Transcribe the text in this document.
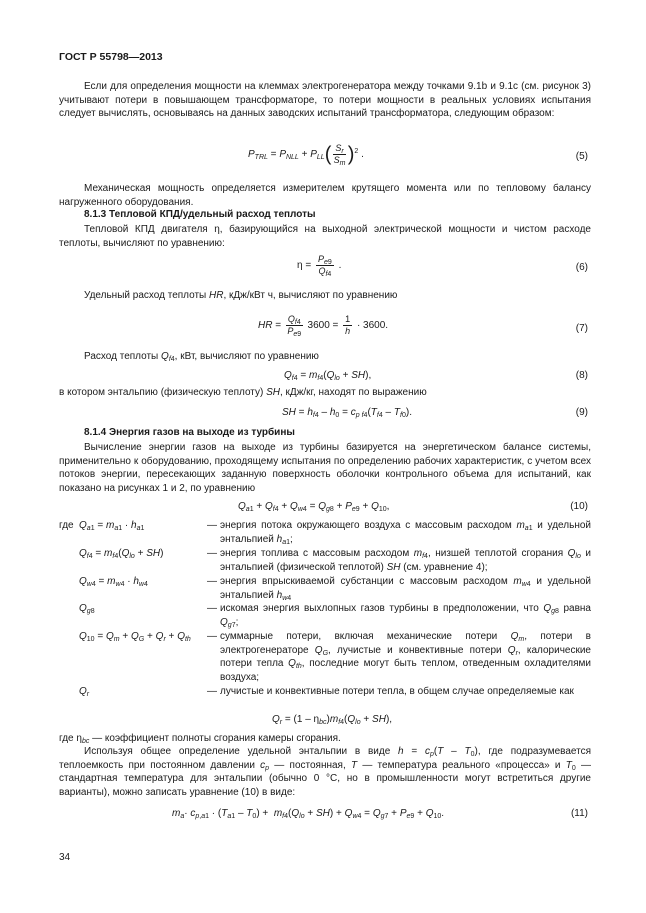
ГОСТ Р 55798—2013

Если для определения мощности на клеммах электрогенератора между точками 9.1b и 9.1c (см. рисунок 3) учитывают потери в повышающем трансформаторе, то потери мощности в реальных условиях испытания следует вычислять, основываясь на данных заводских испытаний трансформатора, следующим образом:

$P_{TRL} = P_{NLL} + P_{LL}( \frac{S_r}{S_m} )^2$ .	(5)

Механическая мощность определяется измерителем крутящего момента или по тепловому балансу нагруженного оборудования.

8.1.3 Тепловой КПД/удельный расход теплоты

Тепловой КПД двигателя η, базирующийся на выходной электрической мощности и чистом расходе теплоты, вычисляют по уравнению:

$\eta = \frac{P_{e9}}{Q_{f4}}$ .	(6)

Удельный расход теплоты HR, кДж/кВт ч, вычисляют по уравнению

HR = $\frac{Q_{f4}}{P_{e9}} 3600 = \frac{1}{h} \cdot 3600$.	(7)

Расход теплоты $Q_{f4}$, кВт, вычисляют по уравнению

$Q_{f4} = m_{f4}(Q_{lo} + SH)$,	(8)

в котором энтальпию (физическую теплоту) SH, кДж/кг, находят по выражению

SH = $h_{f4} - h_0 = c_{p f4}(T_{f4} - T_{f0})$.	(9)
8.1.4 Энергия газов на выходе из турбины

Вычисление энергии газов на выходе из турбины базируется на энергетическом балансе системы, применительно к оборудованию, проходящему испытания по определению рабочих характеристик, с учетом всех потоков энергии, пересекающих заданную поверхность оболочки контрольного объема для испытаний, как показано на рисунках 1 и 2, по уравнению

$Q_{a1} + Q_{f4} + Q_{w4} = Q_{g8} + P_{e9} + Q_{10}$,	(10)
где $Q_{a1} = m_{a1} \cdot h_{a1}$	— энергия потока окружающего воздуха с массовым расходом $m_{a1}$ и удельной энтальпией $h_{a1}$;
$Q_{f4} = m_{f4}(Q_{lo} + SH)$	— энергия топлива с массовым расходом $m_{f4}$, низшей теплотой сгорания $Q_{lo}$ и энтальпией (физической теплотой) SH (см. уравнение 4);
$Q_{w4} = m_{w4} \cdot h_{w4}$	— энергия впрыскиваемой субстанции с массовым расходом $m_{w4}$ и удельной энтальпией $h_{w4}$
$Q_{g8}$	— искомая энергия выхлопных газов турбины в предположении, что $Q_{g8}$ равна $Q_{g7}$;
$Q_{10} = Q_m + Q_G + Q_r + Q_{th}$ — суммарные потери, включая механические потери $Q_m$, потери в электрогенераторе $Q_G$, лучистые и конвективные потери $Q_r$, калорические потери тепла $Q_{th}$, последние могут быть теплом, отведенным охладителями воздуха;
$Q_r$	— лучистые и конвективные потери тепла, в общем случае определяемые как
$Q_r = (1 - \eta_{bc})m_{f4}(Q_{lo} + SH)$,

где $\eta_{bc}$ — коэффициент полноты сгорания камеры сгорания.

Используя общее определение удельной энтальпии в виде $h = c_p(T - T_0)$, где подразумевается теплоемкость при постоянном давлении $c_p$ — постоянная, T — температура реального «процесса» и $T_0$ — стандартная температура для энтальпии (обычно 0 °С, но в промышленности могут встретиться другие варианты), можно записать уравнение (10) в виде:

$m_a\cdot c_{p,a1} \cdot (T_{a1} - T_0) + m_{f4}(Q_{lo} + SH) + Q_{w4} = Q_{g7} + P_{e9} + Q_{10}$.	(11)
34
